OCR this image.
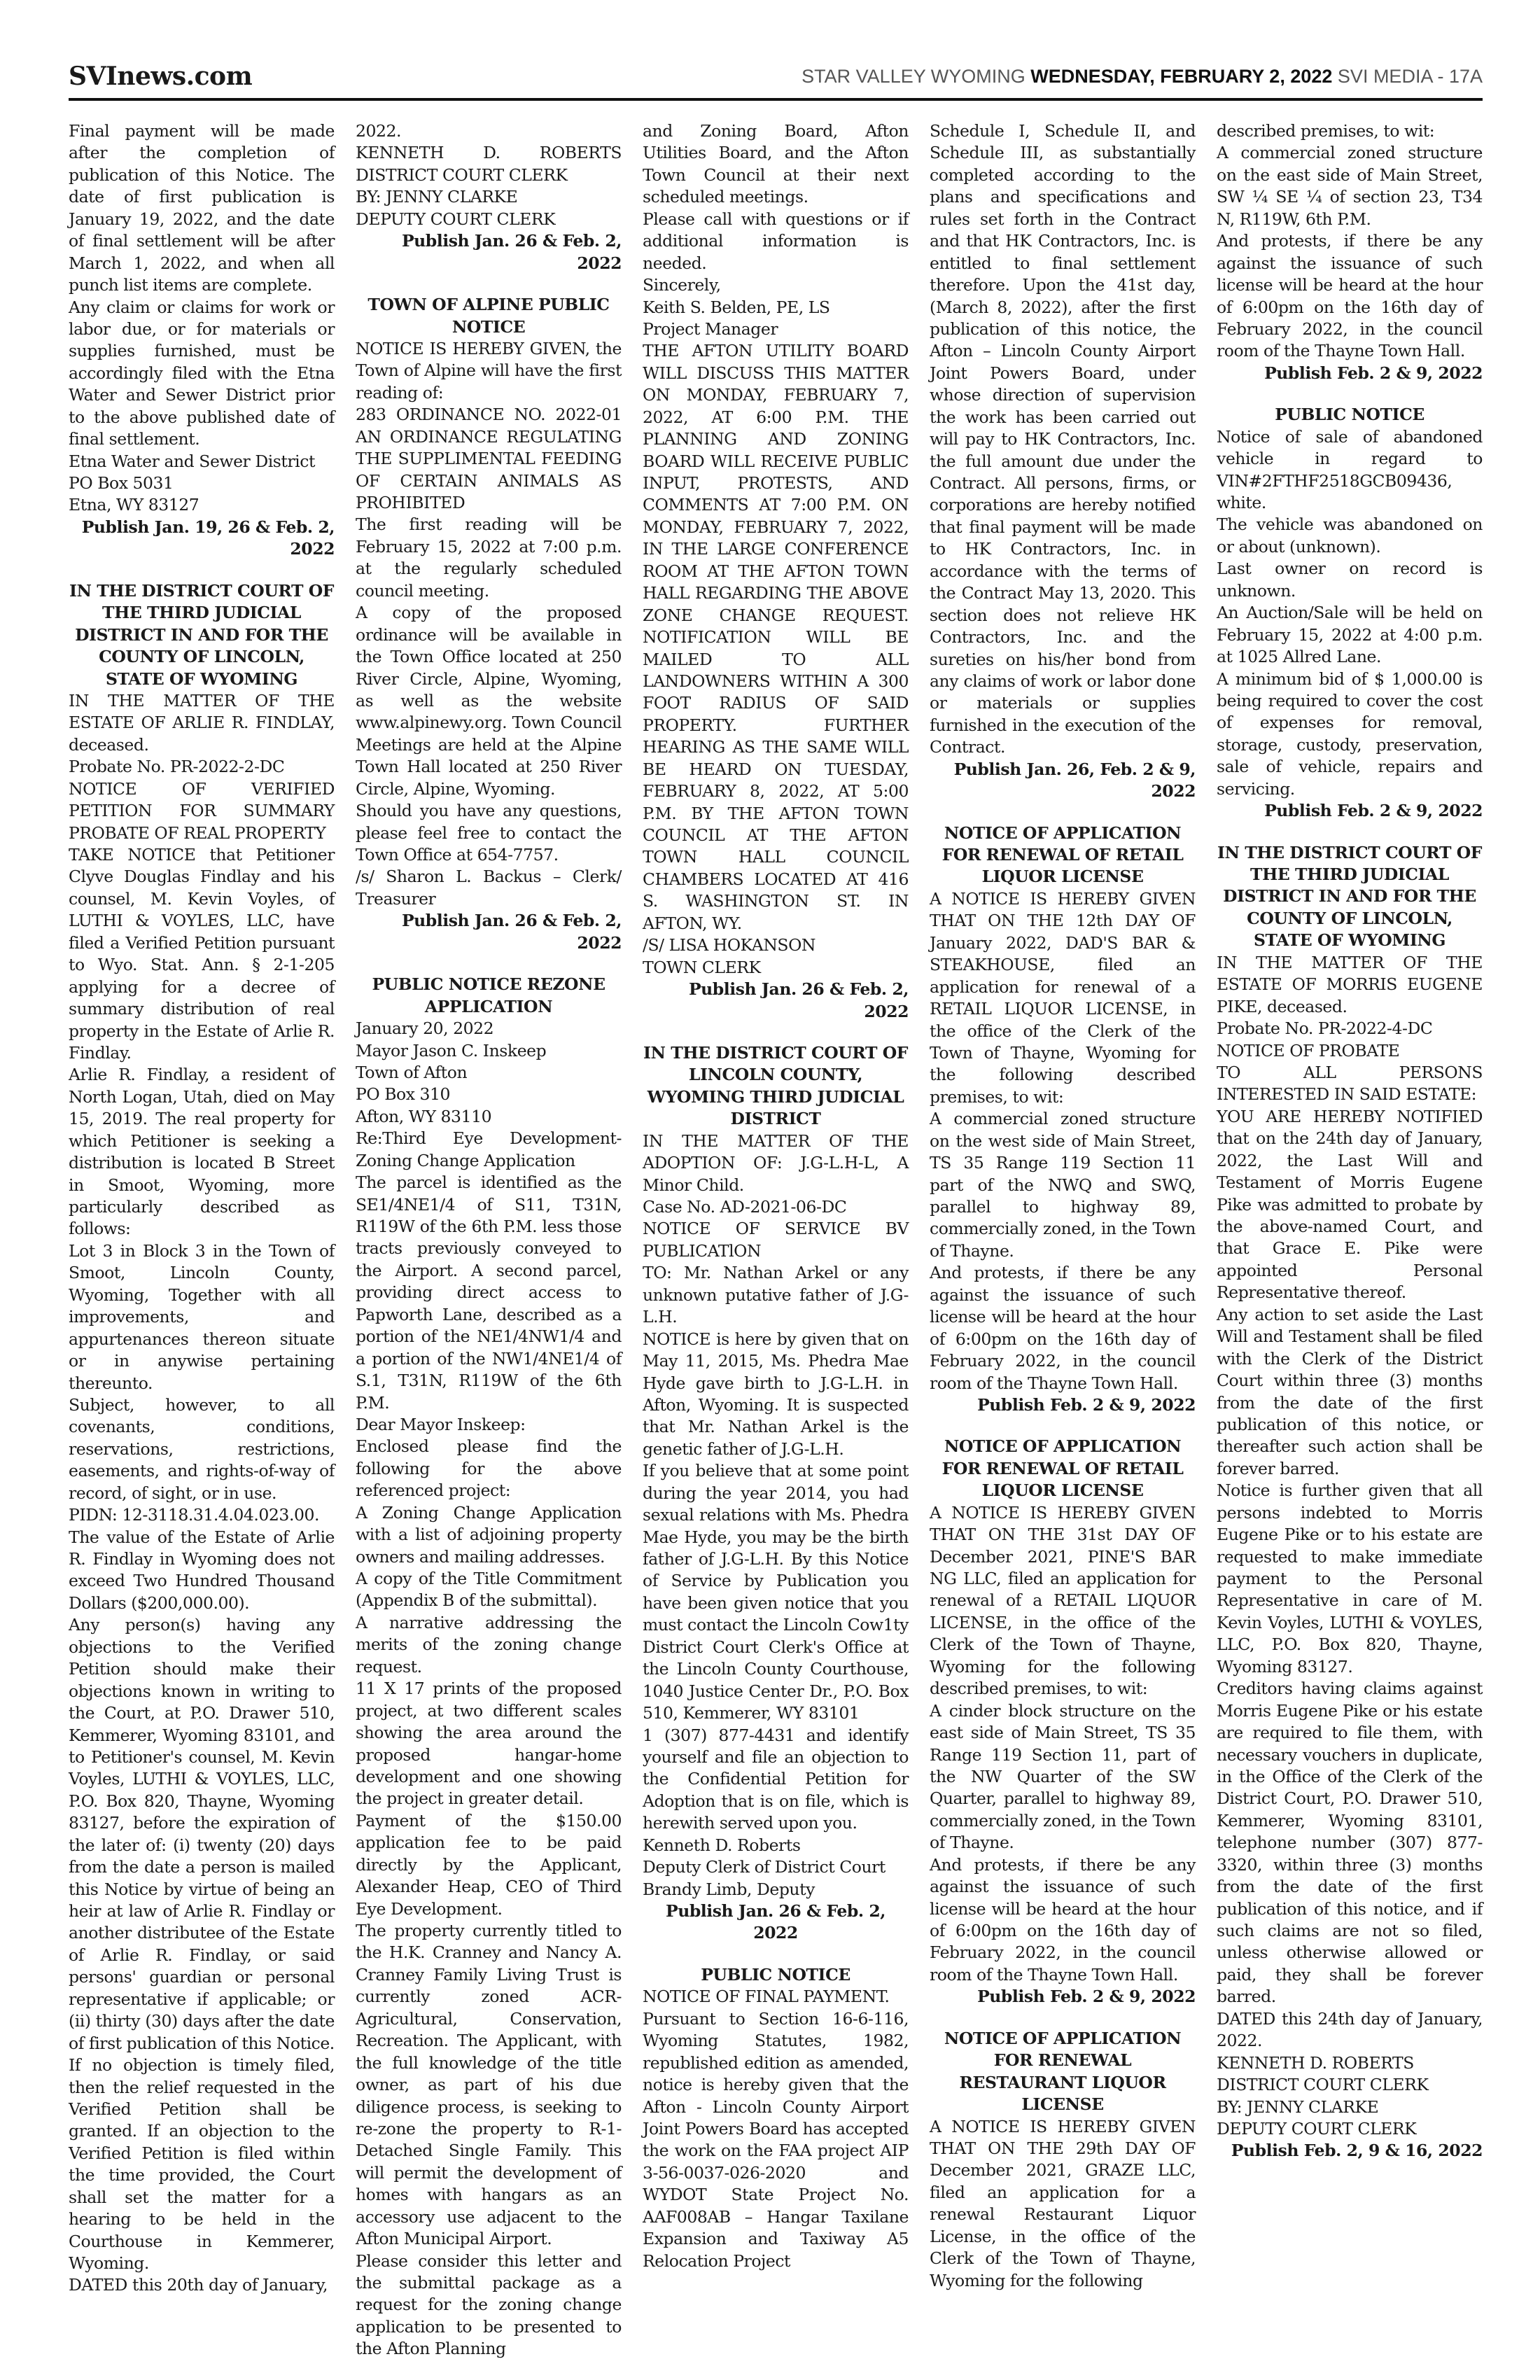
SVInews.com	STAR VALLEY WYOMING WEDNESDAY, FEBRUARY 2, 2022 SVI MEDIA - 17A

Final payment will be made after the completion of publication of this Notice. The date of first publication is January 19, 2022, and the date of final settlement will be after March 1, 2022, and when all punch list items are complete.

Any claim or claims for work or labor due, or for materials or supplies furnished, must be accordingly filed with the Etna Water and Sewer District prior to the above published date of final settlement.

Etna Water and Sewer District

PO Box 5031

Etna, WY 83127

Publish Jan. 19, 26 & Feb. 2, 2022

IN THE DISTRICT COURT OF THE THIRD JUDICIAL DISTRICT IN AND FOR THE COUNTY OF LINCOLN, STATE OF WYOMING

IN THE MATTER OF THE ESTATE OF ARLIE R. FINDLAY, deceased.

Probate No. PR-2022-2-DC

NOTICE OF VERIFIED PETITION FOR SUMMARY PROBATE OF REAL PROPERTY

TAKE NOTICE that Petitioner Clyve Douglas Findlay and his counsel, M. Kevin Voyles, of LUTHI & VOYLES, LLC, have filed a Verified Petition pursuant to Wyo. Stat. Ann. § 2-1-205 applying for a decree of summary distribution of real property in the Estate of Arlie R. Findlay.

Arlie R. Findlay, a resident of North Logan, Utah, died on May 15, 2019. The real property for which Petitioner is seeking a distribution is located B Street in Smoot, Wyoming, more particularly described as follows:

Lot 3 in Block 3 in the Town of Smoot, Lincoln County, Wyoming, Together with all improvements, and appurtenances thereon situate or in anywise pertaining thereunto.

Subject, however, to all covenants, conditions, reservations, restrictions, easements, and rights-of-way of record, of sight, or in use.

PIDN: 12-3118.31.4.04.023.00.

The value of the Estate of Arlie R. Findlay in Wyoming does not exceed Two Hundred Thousand Dollars ($200,000.00).

Any person(s) having any objections to the Verified Petition should make their objections known in writing to the Court, at P.O. Drawer 510, Kemmerer, Wyoming 83101, and to Petitioner's counsel, M. Kevin Voyles, LUTHI & VOYLES, LLC, P.O. Box 820, Thayne, Wyoming 83127, before the expiration of the later of: (i) twenty (20) days from the date a person is mailed this Notice by virtue of being an heir at law of Arlie R. Findlay or another distributee of the Estate of Arlie R. Findlay, or said persons' guardian or personal representative if applicable; or (ii) thirty (30) days after the date of first publication of this Notice.

If no objection is timely filed, then the relief requested in the Verified Petition shall be granted. If an objection to the Verified Petition is filed within the time provided, the Court shall set the matter for a hearing to be held in the Courthouse in Kemmerer, Wyoming.

DATED this 20th day of January,

2022.

KENNETH D. ROBERTS DISTRICT COURT CLERK

BY: JENNY CLARKE

DEPUTY COURT CLERK

Publish Jan. 26 & Feb. 2, 2022

TOWN OF ALPINE PUBLIC NOTICE

NOTICE IS HEREBY GIVEN, the Town of Alpine will have the first reading of:

283 ORDINANCE NO. 2022-01 AN ORDINANCE REGULATING THE SUPPLIMENTAL FEEDING OF CERTAIN ANIMALS AS PROHIBITED

The first reading will be February 15, 2022 at 7:00 p.m. at the regularly scheduled council meeting.

A copy of the proposed ordinance will be available in the Town Office located at 250 River Circle, Alpine, Wyoming, as well as the website www.alpinewy.org. Town Council Meetings are held at the Alpine Town Hall located at 250 River Circle, Alpine, Wyoming.

Should you have any questions, please feel free to contact the Town Office at 654-7757.

/s/ Sharon L. Backus – Clerk/ Treasurer

Publish Jan. 26 & Feb. 2, 2022

PUBLIC NOTICE REZONE APPLICATION

January 20, 2022

Mayor Jason C. Inskeep

Town of Afton

PO Box 310

Afton, WY 83110

Re:Third Eye Development-Zoning Change Application

The parcel is identified as the SE1/4NE1/4 of S11, T31N, R119W of the 6th P.M. less those tracts previously conveyed to the Airport. A second parcel, providing direct access to Papworth Lane, described as a portion of the NE1/4NW1/4 and a portion of the NW1/4NE1/4 of S.1, T31N, R119W of the 6th P.M.

Dear Mayor Inskeep:

Enclosed please find the following for the above referenced project:

A Zoning Change Application with a list of adjoining property owners and mailing addresses.

A copy of the Title Commitment (Appendix B of the submittal).

A narrative addressing the merits of the zoning change request.

11 X 17 prints of the proposed project, at two different scales showing the area around the proposed hangar-home development and one showing the project in greater detail.

Payment of the $150.00 application fee to be paid directly by the Applicant, Alexander Heap, CEO of Third Eye Development.

The property currently titled to the H.K. Cranney and Nancy A. Cranney Family Living Trust is currently zoned ACR- Agricultural, Conservation, Recreation. The Applicant, with the full knowledge of the title owner, as part of his due diligence process, is seeking to re-zone the property to R-1-Detached Single Family. This will permit the development of homes with hangars as an accessory use adjacent to the Afton Municipal Airport.

Please consider this letter and the submittal package as a request for the zoning change application to be presented to the Afton Planning

and Zoning Board, Afton Utilities Board, and the Afton Town Council at their next scheduled meetings.

Please call with questions or if additional information is needed.

Sincerely,

Keith S. Belden, PE, LS

Project Manager

THE AFTON UTILITY BOARD WILL DISCUSS THIS MATTER ON MONDAY, FEBRUARY 7, 2022, AT 6:00 P.M. THE PLANNING AND ZONING BOARD WILL RECEIVE PUBLIC INPUT, PROTESTS, AND COMMENTS AT 7:00 P.M. ON MONDAY, FEBRUARY 7, 2022, IN THE LARGE CONFERENCE ROOM AT THE AFTON TOWN HALL REGARDING THE ABOVE ZONE CHANGE REQUEST. NOTIFICATION WILL BE MAILED TO ALL LANDOWNERS WITHIN A 300 FOOT RADIUS OF SAID PROPERTY. FURTHER HEARING AS THE SAME WILL BE HEARD ON TUESDAY, FEBRUARY 8, 2022, AT 5:00 P.M. BY THE AFTON TOWN COUNCIL AT THE AFTON TOWN HALL COUNCIL CHAMBERS LOCATED AT 416 S. WASHINGTON ST. IN AFTON, WY.

/S/ LISA HOKANSON

TOWN CLERK

Publish Jan. 26 & Feb. 2, 2022

IN THE DISTRICT COURT OF LINCOLN COUNTY, WYOMING THIRD JUDICIAL DISTRICT

IN THE MATTER OF THE ADOPTION OF: J.G-L.H-L, A Minor Child.

Case No. AD-2021-06-DC

NOTICE OF SERVICE BV PUBLICATlON

TO: Mr. Nathan Arkel or any unknown putative father of J.G-L.H.

NOTICE is here by given that on May 11, 2015, Ms. Phedra Mae Hyde gave birth to J.G-L.H. in Afton, Wyoming. It is suspected that Mr. Nathan Arkel is the genetic father of J.G-L.H.

If you believe that at some point during the year 2014, you had sexual relations with Ms. Phedra Mae Hyde, you may be the birth father of J.G-L.H. By this Notice of Service by Publication you have been given notice that you must contact the Lincoln Cow1ty District Court Clerk's Office at the Lincoln County Courthouse, 1040 Justice Center Dr., P.O. Box 510, Kemmerer, WY 83101

1 (307) 877-4431 and identify yourself and file an objection to the Confidential Petition for Adoption that is on file, which is herewith served upon you.

Kenneth D. Roberts

Deputy Clerk of District Court

Brandy Limb, Deputy

Publish Jan. 26 & Feb. 2, 2022

PUBLIC NOTICE

NOTICE OF FINAL PAYMENT.

Pursuant to Section 16-6-116, Wyoming Statutes, 1982, republished edition as amended, notice is hereby given that the Afton - Lincoln County Airport Joint Powers Board has accepted the work on the FAA project AIP 3-56-0037-026-2020 and WYDOT State Project No. AAF008AB – Hangar Taxilane Expansion and Taxiway A5 Relocation Project

Schedule I, Schedule II, and Schedule III, as substantially completed according to the plans and specifications and rules set forth in the Contract and that HK Contractors, Inc. is entitled to final settlement therefore. Upon the 41st day, (March 8, 2022), after the first publication of this notice, the Afton – Lincoln County Airport Joint Powers Board, under whose direction of supervision the work has been carried out will pay to HK Contractors, Inc. the full amount due under the Contract. All persons, firms, or corporations are hereby notified that final payment will be made to HK Contractors, Inc. in accordance with the terms of the Contract May 13, 2020. This section does not relieve HK Contractors, Inc. and the sureties on his/her bond from any claims of work or labor done or materials or supplies furnished in the execution of the Contract.

Publish Jan. 26, Feb. 2 & 9, 2022

NOTICE OF APPLICATION FOR RENEWAL OF RETAIL LIQUOR LICENSE

A NOTICE IS HEREBY GIVEN THAT ON THE 12th DAY OF January 2022, DAD'S BAR & STEAKHOUSE, filed an application for renewal of a RETAIL LIQUOR LICENSE, in the office of the Clerk of the Town of Thayne, Wyoming for the following described premises, to wit:

A commercial zoned structure on the west side of Main Street, TS 35 Range 119 Section 11 part of the NWQ and SWQ, parallel to highway 89, commercially zoned, in the Town of Thayne.

And protests, if there be any against the issuance of such license will be heard at the hour of 6:00pm on the 16th day of February 2022, in the council room of the Thayne Town Hall.

Publish Feb. 2 & 9, 2022

NOTICE OF APPLICATION FOR RENEWAL OF RETAIL LIQUOR LICENSE

A NOTICE IS HEREBY GIVEN THAT ON THE 31st DAY OF December 2021, PINE'S BAR NG LLC, filed an application for renewal of a RETAIL LIQUOR LICENSE, in the office of the Clerk of the Town of Thayne, Wyoming for the following described premises, to wit:

A cinder block structure on the east side of Main Street, TS 35 Range 119 Section 11, part of the NW Quarter of the SW Quarter, parallel to highway 89, commercially zoned, in the Town of Thayne.

And protests, if there be any against the issuance of such license will be heard at the hour of 6:00pm on the 16th day of February 2022, in the council room of the Thayne Town Hall.

Publish Feb. 2 & 9, 2022

NOTICE OF APPLICATION FOR RENEWAL RESTAURANT LIQUOR LICENSE

A NOTICE IS HEREBY GIVEN THAT ON THE 29th DAY OF December 2021, GRAZE LLC, filed an application for a renewal Restaurant Liquor License, in the office of the Clerk of the Town of Thayne, Wyoming for the following

described premises, to wit:

A commercial zoned structure on the east side of Main Street, SW ¼ SE ¼ of section 23, T34 N, R119W, 6th P.M.

And protests, if there be any against the issuance of such license will be heard at the hour of 6:00pm on the 16th day of February 2022, in the council room of the Thayne Town Hall.

Publish Feb. 2 & 9, 2022

PUBLIC NOTICE

Notice of sale of abandoned vehicle in regard to VIN#2FTHF2518GCB09436, white.

The vehicle was abandoned on or about (unknown).

Last owner on record is unknown.

An Auction/Sale will be held on February 15, 2022 at 4:00 p.m. at 1025 Allred Lane.

A minimum bid of $ 1,000.00 is being required to cover the cost of expenses for removal, storage, custody, preservation, sale of vehicle, repairs and servicing.

Publish Feb. 2 & 9, 2022

IN THE DISTRICT COURT OF THE THIRD JUDICIAL DISTRICT IN AND FOR THE COUNTY OF LINCOLN, STATE OF WYOMING

IN THE MATTER OF THE ESTATE OF MORRIS EUGENE PIKE, deceased.

Probate No. PR-2022-4-DC

NOTICE OF PROBATE

TO ALL PERSONS INTERESTED IN SAID ESTATE:

YOU ARE HEREBY NOTIFIED that on the 24th day of January, 2022, the Last Will and Testament of Morris Eugene Pike was admitted to probate by the above-named Court, and that Grace E. Pike were appointed Personal Representative thereof.

Any action to set aside the Last Will and Testament shall be filed with the Clerk of the District Court within three (3) months from the date of the first publication of this notice, or thereafter such action shall be forever barred.

Notice is further given that all persons indebted to Morris Eugene Pike or to his estate are requested to make immediate payment to the Personal Representative in care of M. Kevin Voyles, LUTHI & VOYLES, LLC, P.O. Box 820, Thayne, Wyoming 83127.

Creditors having claims against Morris Eugene Pike or his estate are required to file them, with necessary vouchers in duplicate, in the Office of the Clerk of the District Court, P.O. Drawer 510, Kemmerer, Wyoming 83101, telephone number (307) 877-3320, within three (3) months from the date of the first publication of this notice, and if such claims are not so filed, unless otherwise allowed or paid, they shall be forever barred.

DATED this 24th day of January, 2022.

KENNETH D. ROBERTS

DISTRICT COURT CLERK

BY: JENNY CLARKE

DEPUTY COURT CLERK

Publish Feb. 2, 9 & 16, 2022
